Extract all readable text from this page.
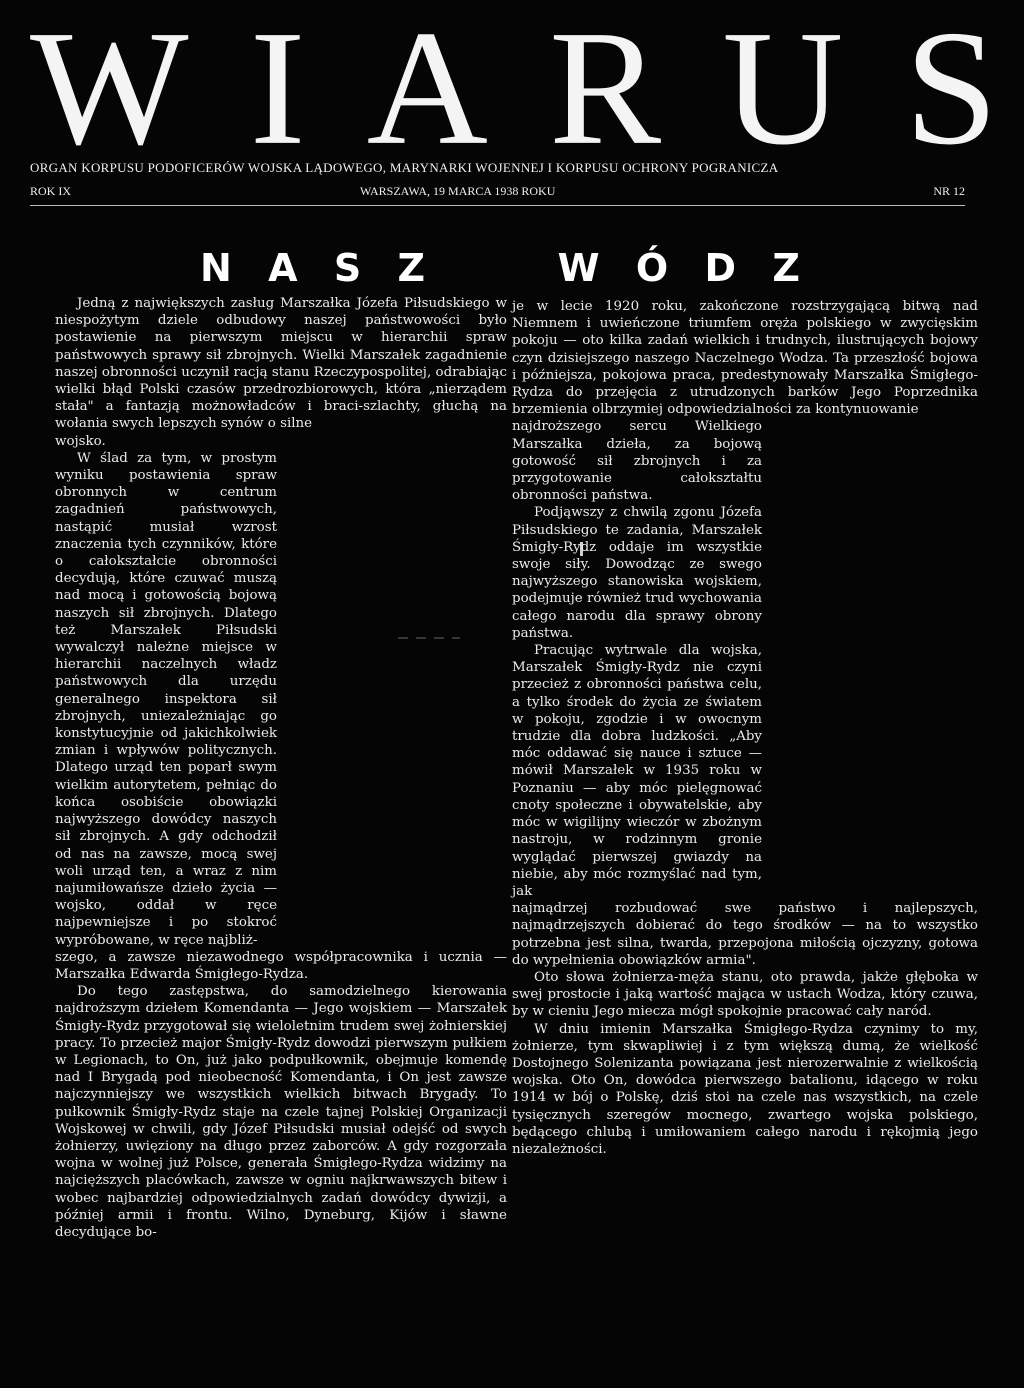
W I A R U S
ORGAN KORPUSU PODOFICERÓW WOJSKA LĄDOWEGO, MARYNARKI WOJENNEJ I KORPUSU OCHRONY POGRANICZA
ROK IX	WARSZAWA, 19 MARCA 1938 ROKU	NR 12
N A S Z	W Ó D Z

Jedną z największych zasług Marszałka Józefa Piłsudskiego w niespożytym dziele odbudowy naszej państwowości było postawienie na pierwszym miejscu w hierarchii spraw państwowych sprawy sił zbrojnych. Wielki Marszałek zagadnienie naszej obronności uczynił racją stanu Rzeczypospolitej, odrabiając wielki błąd Polski czasów przedrozbiorowych, która „nierządem stała" a fantazją możnowładców i braci-szlachty, głuchą na wołania swych lepszych synów o silne

wojsko.

W ślad za tym, w prostym wyniku postawienia spraw obronnych w centrum zagadnień państwowych, nastąpić musiał wzrost znaczenia tych czynników, które o całokształcie obronności decydują, które czuwać muszą nad mocą i gotowością bojową naszych sił zbrojnych. Dlatego też Marszałek Piłsudski wywalczył należne miejsce w hierarchii naczelnych władz państwowych dla urzędu generalnego inspektora sił zbrojnych, uniezależniając go konstytucyjnie od jakichkolwiek zmian i wpływów politycznych. Dlatego urząd ten poparł swym wielkim autorytetem, pełniąc do końca osobiście obowiązki najwyższego dowódcy naszych sił zbrojnych. A gdy odchodził od nas na zawsze, mocą swej woli urząd ten, a wraz z nim najumiłowańsze dzieło życia — wojsko, oddał w ręce najpewniejsze i po stokroć wypróbowane, w ręce najbliż-

szego, a zawsze niezawodnego współpracownika i ucznia — Marszałka Edwarda Śmigłego-Rydza.

Do tego zastępstwa, do samodzielnego kierowania najdroższym dziełem Komendanta — Jego wojskiem — Marszałek Śmigły-Rydz przygotował się wieloletnim trudem swej żołnierskiej pracy. To przecież major Śmigły-Rydz dowodzi pierwszym pułkiem w Legionach, to On, już jako podpułkownik, obejmuje komendę nad I Brygadą pod nieobecność Komendanta, i On jest zawsze najczynniejszy we wszystkich wielkich bitwach Brygady. To pułkownik Śmigły-Rydz staje na czele tajnej Polskiej Organizacji Wojskowej w chwili, gdy Józef Piłsudski musiał odejść od swych żołnierzy, uwięziony na długo przez zaborców. A gdy rozgorzała wojna w wolnej już Polsce, generała Śmigłego-Rydza widzimy na najcięższych placówkach, zawsze w ogniu najkrwawszych bitew i wobec najbardziej odpowiedzialnych zadań dowódcy dywizji, a później armii i frontu. Wilno, Dyneburg, Kijów i sławne decydujące bo-

je w lecie 1920 roku, zakończone rozstrzygającą bitwą nad Niemnem i uwieńczone triumfem oręża polskiego w zwycięskim pokoju — oto kilka zadań wielkich i trudnych, ilustrujących bojowy czyn dzisiejszego naszego Naczelnego Wodza. Ta przeszłość bojowa i późniejsza, pokojowa praca, predestynowały Marszałka Śmigłego-Rydza do przejęcia z utrudzonych barków Jego Poprzednika brzemienia olbrzymiej odpowiedzialności za kontynuowanie

najdroższego sercu Wielkiego Marszałka dzieła, za bojową gotowość sił zbrojnych i za przygotowanie całokształtu obronności państwa.

Podjąwszy z chwilą zgonu Józefa Piłsudskiego te zadania, Marszałek Śmigły-Rydz oddaje im wszystkie swoje siły. Dowodząc ze swego najwyższego stanowiska wojskiem, podejmuje również trud wychowania całego narodu dla sprawy obrony państwa.

Pracując wytrwale dla wojska, Marszałek Śmigły-Rydz nie czyni przecież z obronności państwa celu, a tylko środek do życia ze światem w pokoju, zgodzie i w owocnym trudzie dla dobra ludzkości. „Aby móc oddawać się nauce i sztuce — mówił Marszałek w 1935 roku w Poznaniu — aby móc pielęgnować cnoty społeczne i obywatelskie, aby móc w wigilijny wieczór w zbożnym nastroju, w rodzinnym gronie wyglądać pierwszej gwiazdy na niebie, aby móc rozmyślać nad tym, jak

najmądrzej rozbudować swe państwo i najlepszych, najmądrzejszych dobierać do tego środków — na to wszystko potrzebna jest silna, twarda, przepojona miłością ojczyzny, gotowa do wypełnienia obowiązków armia".

Oto słowa żołnierza-męża stanu, oto prawda, jakże głęboka w swej prostocie i jaką wartość mająca w ustach Wodza, który czuwa, by w cieniu Jego miecza mógł spokojnie pracować cały naród.

W dniu imienin Marszałka Śmigłego-Rydza czynimy to my, żołnierze, tym skwapliwiej i z tym większą dumą, że wielkość Dostojnego Solenizanta powiązana jest nierozerwalnie z wielkością wojska. Oto On, dowódca pierwszego batalionu, idącego w roku 1914 w bój o Polskę, dziś stoi na czele nas wszystkich, na czele tysięcznych szeregów mocnego, zwartego wojska polskiego, będącego chlubą i umiłowaniem całego narodu i rękojmią jego niezależności.
